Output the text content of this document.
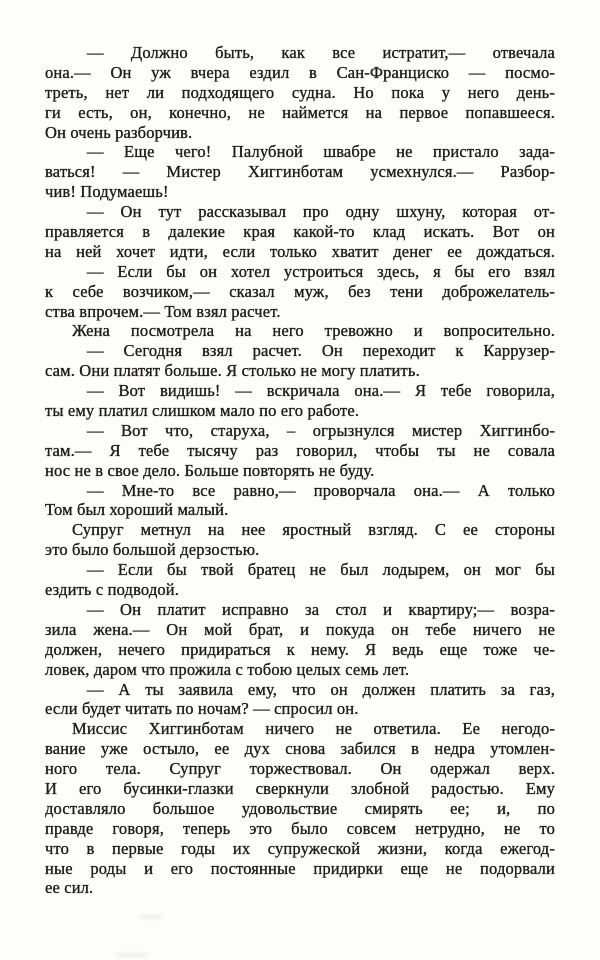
— Должно быть, как все истратит,— отвечала
она.— Он уж вчера ездил в Сан-Франциско — посмо-
треть, нет ли подходящего судна. Но пока у него день-
ги есть, он, конечно, не наймется на первое попавшееся.
Он очень разборчив.
— Еще чего! Палубной швабре не пристало зада-
ваться! — Мистер Хиггинботам усмехнулся.— Разбор-
чив! Подумаешь!
— Он тут рассказывал про одну шхуну, которая от-
правляется в далекие края какой-то клад искать. Вот он
на ней хочет идти, если только хватит денег ее дождаться.
— Если бы он хотел устроиться здесь, я бы его взял
к себе возчиком,— сказал муж, без тени доброжелатель-
ства впрочем.— Том взял расчет.
Жена посмотрела на него тревожно и вопросительно.
— Сегодня взял расчет. Он переходит к Каррузер-
сам. Они платят больше. Я столько не могу платить.
— Вот видишь! — вскричала она.— Я тебе говорила,
ты ему платил слишком мало по его работе.
— Вот что, старуха, – огрызнулся мистер Хиггинбо-
там.— Я тебе тысячу раз говорил, чтобы ты не совала
нос не в свое дело. Больше повторять не буду.
— Мне-то все равно,— проворчала она.— А только
Том был хороший малый.
Супруг метнул на нее яростный взгляд. С ее стороны
это было большой дерзостью.
— Если бы твой братец не был лодырем, он мог бы
ездить с подводой.
— Он платит исправно за стол и квартиру;— возра-
зила жена.— Он мой брат, и покуда он тебе ничего не
должен, нечего придираться к нему. Я ведь еще тоже че-
ловек, даром что прожила с тобою целых семь лет.
— А ты заявила ему, что он должен платить за газ,
если будет читать по ночам? — спросил он.
Миссис Хиггинботам ничего не ответила. Ее негодо-
вание уже остыло, ее дух снова забился в недра утомлен-
ного тела. Супруг торжествовал. Он одержал верх.
И его бусинки-глазки сверкнули злобной радостью. Ему
доставляло большое удовольствие смирять ее; и, по
правде говоря, теперь это было совсем нетрудно, не то
что в первые годы их супружеской жизни, когда ежегод-
ные роды и его постоянные придирки еще не подорвали
ее сил.
